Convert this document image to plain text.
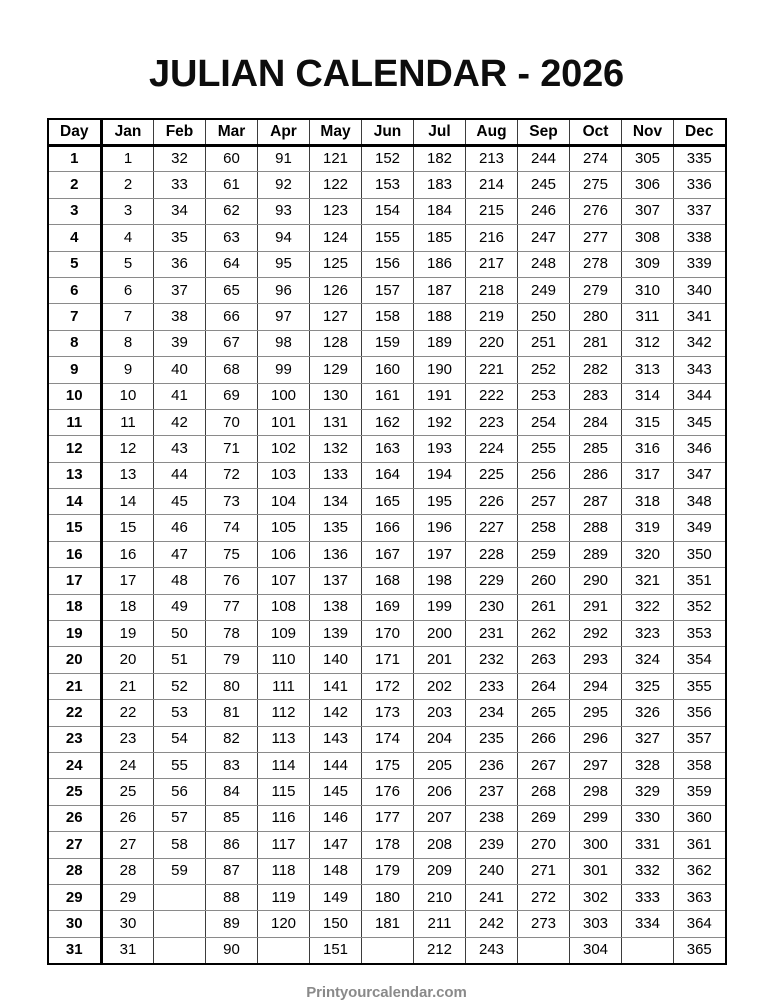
JULIAN CALENDAR - 2026
Day	Jan	Feb	Mar	Apr	May	Jun	Jul	Aug	Sep	Oct	Nov	Dec
1	1	32	60	91	121	152	182	213	244	274	305	335
2	2	33	61	92	122	153	183	214	245	275	306	336
3	3	34	62	93	123	154	184	215	246	276	307	337
4	4	35	63	94	124	155	185	216	247	277	308	338
5	5	36	64	95	125	156	186	217	248	278	309	339
6	6	37	65	96	126	157	187	218	249	279	310	340
7	7	38	66	97	127	158	188	219	250	280	311	341
8	8	39	67	98	128	159	189	220	251	281	312	342
9	9	40	68	99	129	160	190	221	252	282	313	343
10	10	41	69	100	130	161	191	222	253	283	314	344
11	11	42	70	101	131	162	192	223	254	284	315	345
12	12	43	71	102	132	163	193	224	255	285	316	346
13	13	44	72	103	133	164	194	225	256	286	317	347
14	14	45	73	104	134	165	195	226	257	287	318	348
15	15	46	74	105	135	166	196	227	258	288	319	349
16	16	47	75	106	136	167	197	228	259	289	320	350
17	17	48	76	107	137	168	198	229	260	290	321	351
18	18	49	77	108	138	169	199	230	261	291	322	352
19	19	50	78	109	139	170	200	231	262	292	323	353
20	20	51	79	110	140	171	201	232	263	293	324	354
21	21	52	80	111	141	172	202	233	264	294	325	355
22	22	53	81	112	142	173	203	234	265	295	326	356
23	23	54	82	113	143	174	204	235	266	296	327	357
24	24	55	83	114	144	175	205	236	267	297	328	358
25	25	56	84	115	145	176	206	237	268	298	329	359
26	26	57	85	116	146	177	207	238	269	299	330	360
27	27	58	86	117	147	178	208	239	270	300	331	361
28	28	59	87	118	148	179	209	240	271	301	332	362
29	29		88	119	149	180	210	241	272	302	333	363
30	30		89	120	150	181	211	242	273	303	334	364
31	31		90		151		212	243		304		365
Printyourcalendar.com
